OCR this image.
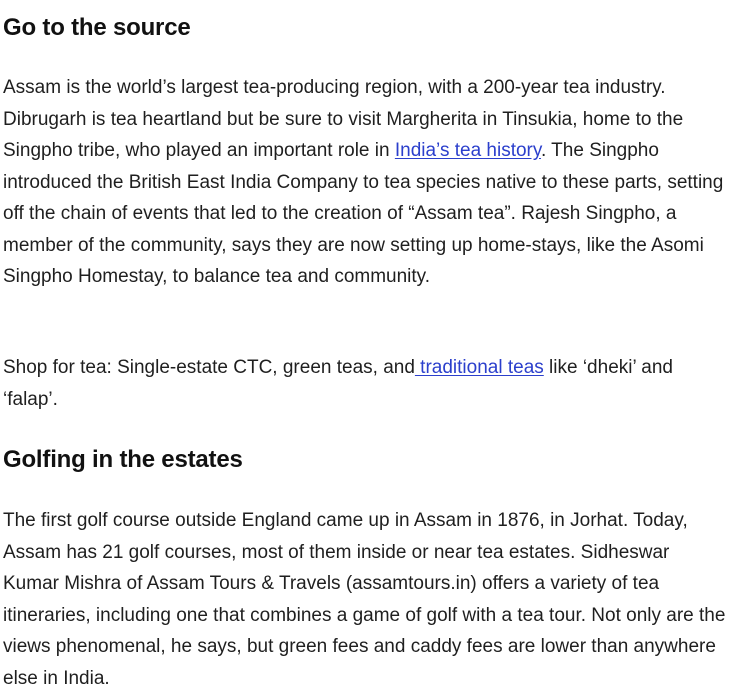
Go to the source

Assam is the world’s largest tea-producing region, with a 200-year tea industry. Dibrugarh is tea heartland but be sure to visit Margherita in Tinsukia, home to the Singpho tribe, who played an important role in India’s tea history. The Singpho introduced the British East India Company to tea species native to these parts, setting off the chain of events that led to the creation of “Assam tea”. Rajesh Singpho, a member of the community, says they are now setting up home-stays, like the Asomi Singpho Homestay, to balance tea and community.

Shop for tea: Single-estate CTC, green teas, and traditional teas like ‘dheki’ and ‘falap’.

Golfing in the estates

The first golf course outside England came up in Assam in 1876, in Jorhat. Today, Assam has 21 golf courses, most of them inside or near tea estates. Sidheswar Kumar Mishra of Assam Tours & Travels (assamtours.in) offers a variety of tea itineraries, including one that combines a game of golf with a tea tour. Not only are the views phenomenal, he says, but green fees and caddy fees are lower than anywhere else in India.
